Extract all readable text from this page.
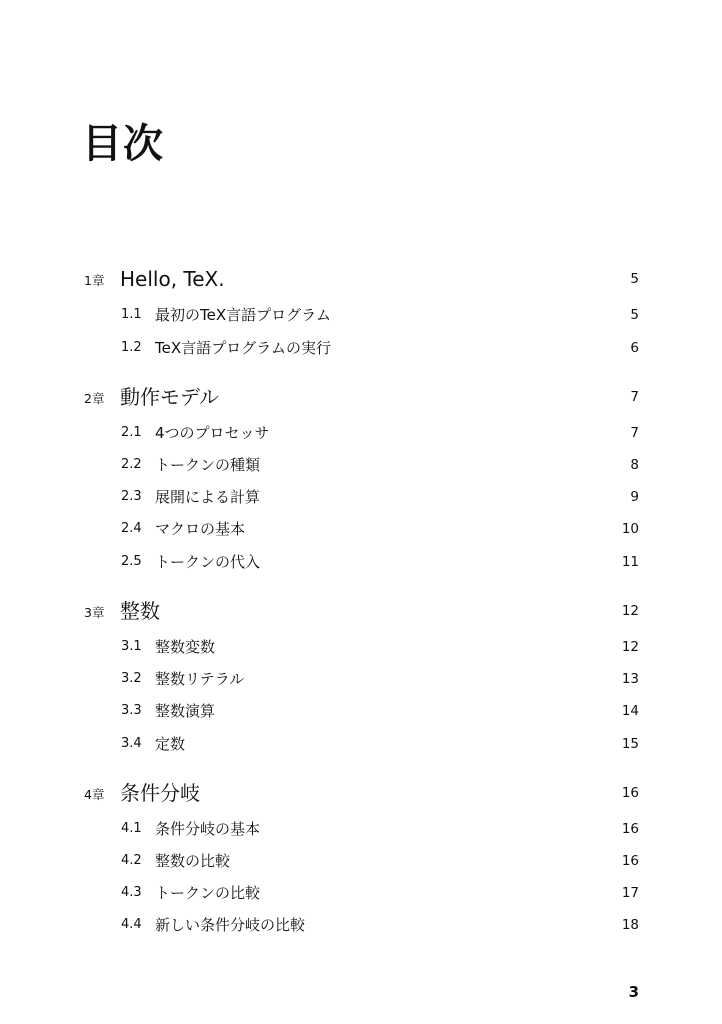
目次
1章 Hello, TeX.	5
1.1 最初のTeX言語プログラム	5
1.2 TeX言語プログラムの実行	6
2章 動作モデル	7
2.1 4つのプロセッサ	7
2.2 トークンの種類	8
2.3 展開による計算	9
2.4 マクロの基本	10
2.5 トークンの代入	11
3章 整数	12
3.1 整数変数	12
3.2 整数リテラル	13
3.3 整数演算	14
3.4 定数	15
4章 条件分岐	16
4.1 条件分岐の基本	16
4.2 整数の比較	16
4.3 トークンの比較	17
4.4 新しい条件分岐の比較	18
3
